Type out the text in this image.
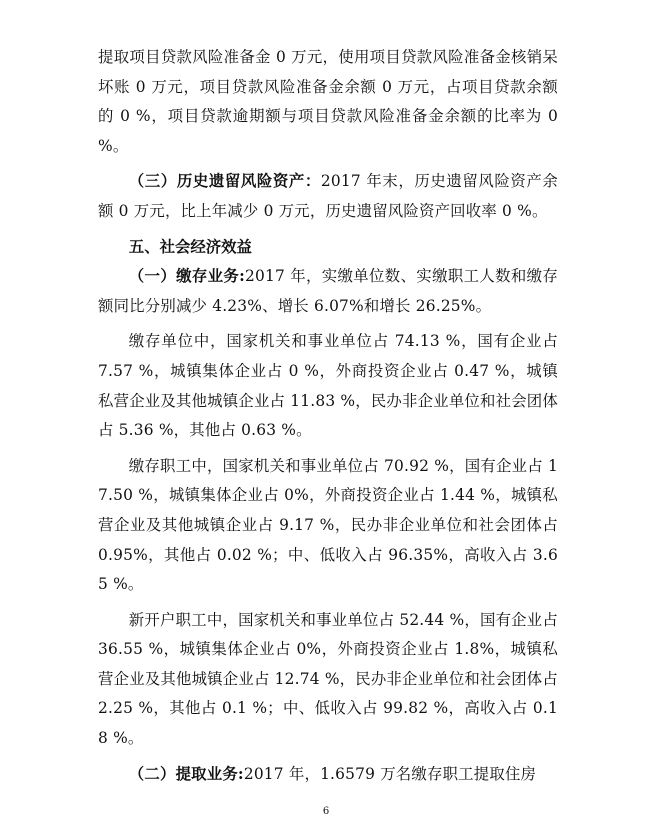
提取项目贷款风险准备金 0 万元，使用项目贷款风险准备金核销呆坏账 0 万元，项目贷款风险准备金余额 0 万元，占项目贷款余额的 0 %，项目贷款逾期额与项目贷款风险准备金余额的比率为 0 %。

（三）历史遗留风险资产：2017 年末，历史遗留风险资产余额 0 万元，比上年减少 0 万元，历史遗留风险资产回收率 0 %。

五、社会经济效益

（一）缴存业务:2017 年，实缴单位数、实缴职工人数和缴存额同比分别减少 4.23%、增长 6.07%和增长 26.25%。

缴存单位中，国家机关和事业单位占 74.13 %，国有企业占 7.57 %，城镇集体企业占 0 %，外商投资企业占 0.47 %，城镇私营企业及其他城镇企业占 11.83 %，民办非企业单位和社会团体占 5.36 %，其他占 0.63 %。

缴存职工中，国家机关和事业单位占 70.92 %，国有企业占 17.50 %，城镇集体企业占 0%，外商投资企业占 1.44 %，城镇私营企业及其他城镇企业占 9.17 %，民办非企业单位和社会团体占 0.95%，其他占 0.02 %；中、低收入占 96.35%，高收入占 3.65 %。

新开户职工中，国家机关和事业单位占 52.44 %，国有企业占 36.55 %，城镇集体企业占 0%，外商投资企业占 1.8%，城镇私营企业及其他城镇企业占 12.74 %，民办非企业单位和社会团体占 2.25 %，其他占 0.1 %；中、低收入占 99.82 %，高收入占 0.18 %。

（二）提取业务:2017 年，1.6579 万名缴存职工提取住房

6
